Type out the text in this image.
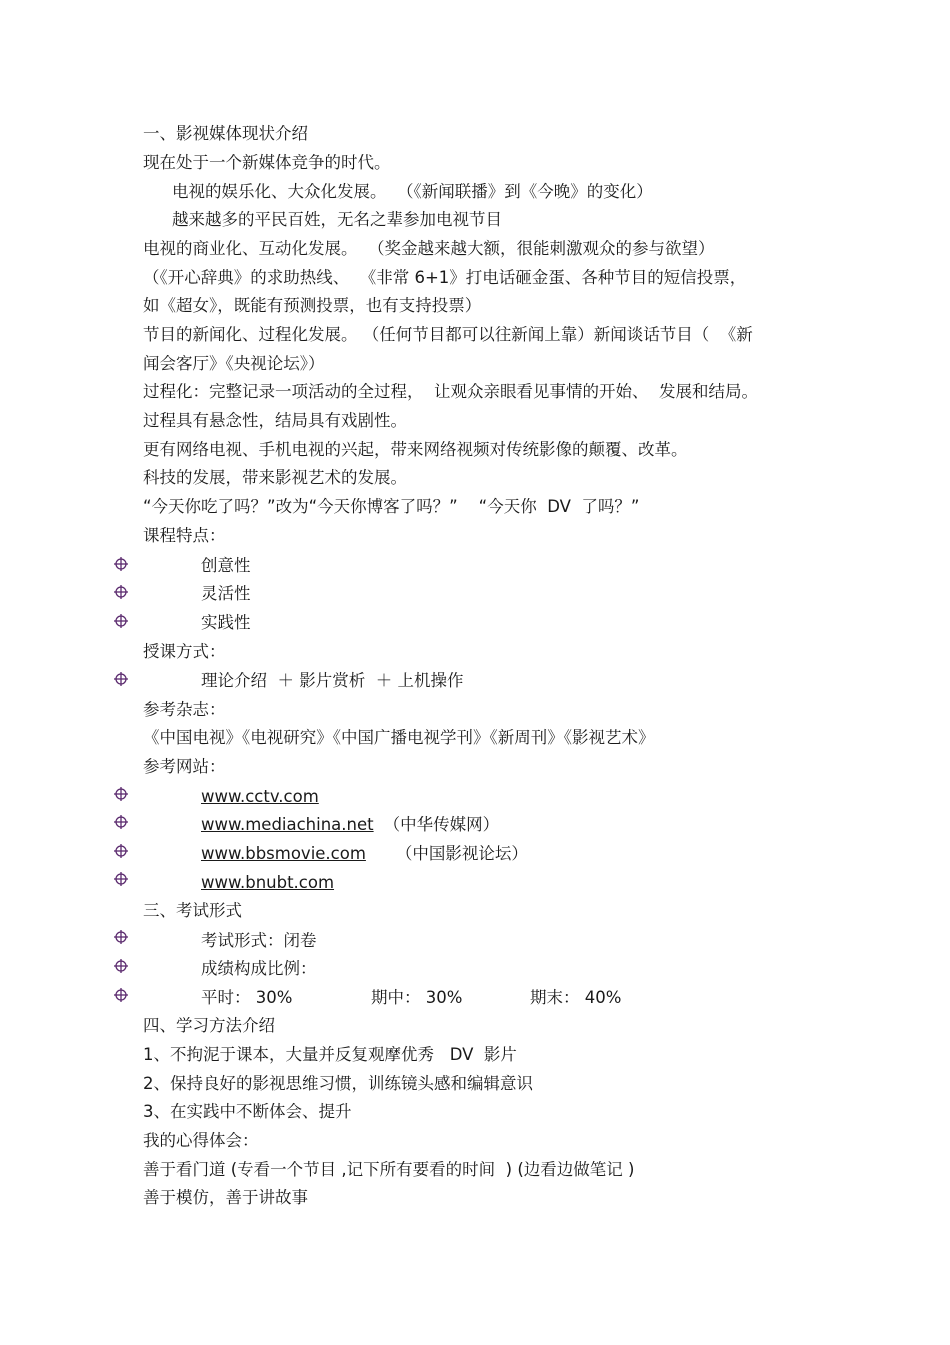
一、影视媒体现状介绍
现在处于一个新媒体竞争的时代。
电视的娱乐化、大众化发展。  （《新闻联播》到《今晚》的变化）
越来越多的平民百姓，无名之辈参加电视节目
电视的商业化、互动化发展。  （奖金越来越大额，很能刺激观众的参与欲望）
（《开心辞典》的求助热线、  《非常 6+1》打电话砸金蛋、各种节目的短信投票，
如《超女》，既能有预测投票，也有支持投票）
节目的新闻化、过程化发展。 （任何节目都可以往新闻上靠）新闻谈话节目（  《新
闻会客厅》《央视论坛》）
过程化：完整记录一项活动的全过程，  让观众亲眼看见事情的开始、  发展和结局。
过程具有悬念性，结局具有戏剧性。
更有网络电视、手机电视的兴起，带来网络视频对传统影像的颠覆、改革。
科技的发展，带来影视艺术的发展。
“今天你吃了吗？”改为“今天你博客了吗？”    “今天你  DV  了吗？”
课程特点：
创意性
灵活性
实践性
授课方式：
理论介绍  ＋ 影片赏析  ＋ 上机操作
参考杂志：
《中国电视》《电视研究》《中国广播电视学刊》《新周刊》《影视艺术》
参考网站：
www.cctv.com
www.mediachina.net （中华传媒网）
www.bbsmovie.com （中国影视论坛）
www.bnubt.com
三、考试形式
考试形式：闭卷
成绩构成比例：
平时： 30%	期中： 30%	期末： 40%
四、学习方法介绍
1、不拘泥于课本，大量并反复观摩优秀   DV  影片
2、保持良好的影视思维习惯，训练镜头感和编辑意识
3、在实践中不断体会、提升
我的心得体会：
善于看门道 (专看一个节目 ,记下所有要看的时间  ) (边看边做笔记 )
善于模仿，善于讲故事
